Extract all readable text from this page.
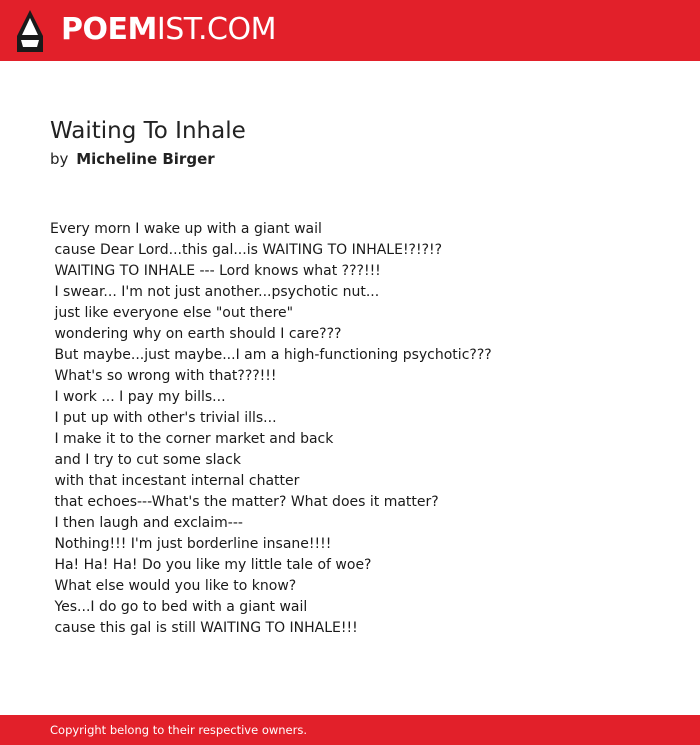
POEMIST.COM
Waiting To Inhale
by Micheline Birger
Every morn I wake up with a giant wail
cause Dear Lord...this gal...is WAITING TO INHALE!?!?!?
WAITING TO INHALE --- Lord knows what ???!!!
I swear... I'm not just another...psychotic nut...
just like everyone else "out there"
wondering why on earth should I care???
But maybe...just maybe...I am a high-functioning psychotic???
What's so wrong with that???!!!
I work ... I pay my bills...
I put up with other's trivial ills...
I make it to the corner market and back
and I try to cut some slack
with that incestant internal chatter
that echoes---What's the matter? What does it matter?
I then laugh and exclaim---
Nothing!!! I'm just borderline insane!!!!
Ha! Ha! Ha! Do you like my little tale of woe?
What else would you like to know?
Yes...I do go to bed with a giant wail
cause this gal is still WAITING TO INHALE!!!
Copyright belong to their respective owners.
